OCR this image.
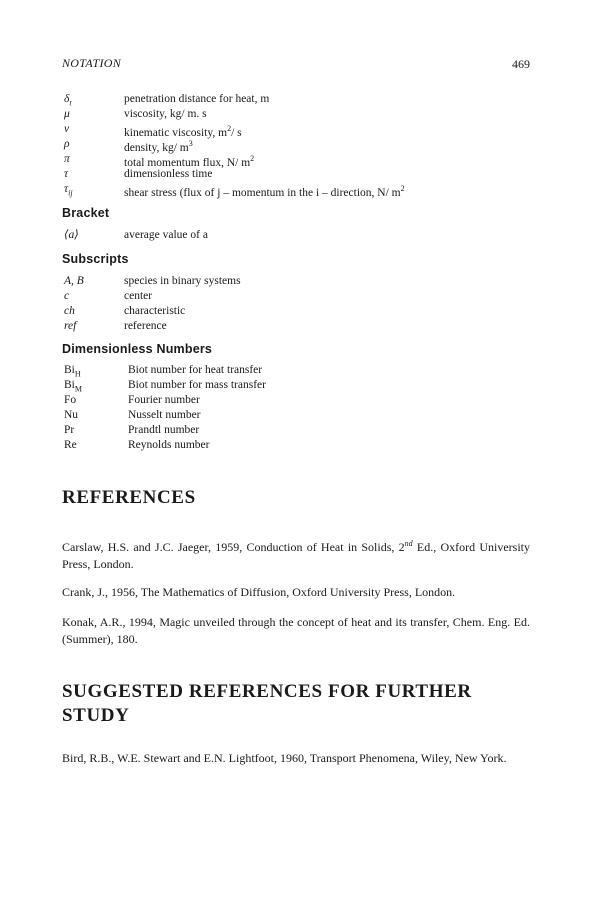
NOTATION	469
$\delta_t$	penetration distance for heat, m
μ	viscosity, kg/ m. s
ν	kinematic viscosity, $m^2/$ s
ρ	density, kg/ $m^3$
π	total momentum flux, N/ $m^2$
τ	dimensionless time
$\tau_{ij}$	shear stress (flux of j – momentum in the i – direction, N/ $m^2$
Bracket
⟨a⟩	average value of a
Subscripts
A, B	species in binary systems
c	center
ch	characteristic
ref	reference
Dimensionless Numbers
$Bi_H$	Biot number for heat transfer
$Bi_M$	Biot number for mass transfer
Fo	Fourier number
Nu	Nusselt number
Pr	Prandtl number
Re	Reynolds number
REFERENCES
Carslaw, H.S. and J.C. Jaeger, 1959, Conduction of Heat in Solids, 2nd Ed., Oxford University Press, London.
Crank, J., 1956, The Mathematics of Diffusion, Oxford University Press, London.
Konak, A.R., 1994, Magic unveiled through the concept of heat and its transfer, Chem. Eng. Ed. (Summer), 180.
SUGGESTED REFERENCES FOR FURTHER STUDY
Bird, R.B., W.E. Stewart and E.N. Lightfoot, 1960, Transport Phenomena, Wiley, New York.
